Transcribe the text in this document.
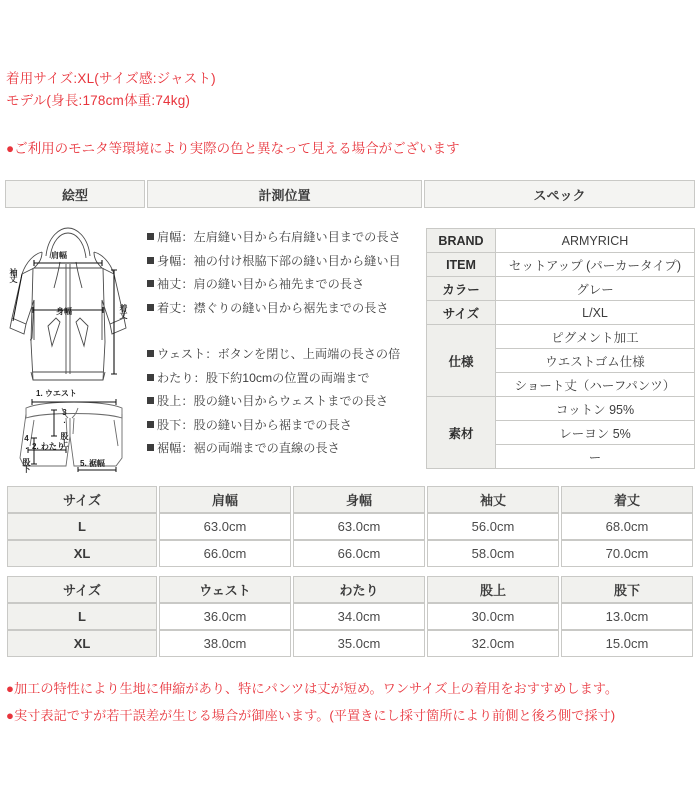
着用サイズ:XL(サイズ感:ジャスト)
モデル(身長:178cm体重:74kg)
●ご利用のモニタ等環境により実際の色と異なって見える場合がございます
絵型	計測位置	スペック
肩幅
身幅
袖丈
着丈
1. ウエスト
2. わたり
3. 股上
4. 股下	5. 裾幅
肩幅：左肩縫い目から右肩縫い目までの長さ
身幅：袖の付け根脇下部の縫い目から縫い目
袖丈：肩の縫い目から袖先までの長さ
着丈：襟ぐりの縫い目から裾先までの長さ
ウェスト：ボタンを閉じ、上両端の長さの倍
わたり：股下約10cmの位置の両端まで
股上：股の縫い目からウェストまでの長さ
股下：股の縫い目から裾までの長さ
裾幅：裾の両端までの直線の長さ
BRAND	ARMYRICH
ITEM	セットアップ (パーカータイプ)
カラー	グレー
サイズ	L/XL
仕様	ピグメント加工
	ウエストゴム仕様
	ショート丈（ハーフパンツ）
素材	コットン 95%
	レーヨン 5%
	ー
サイズ	肩幅	身幅	袖丈	着丈
L	63.0cm	63.0cm	56.0cm	68.0cm
XL	66.0cm	66.0cm	58.0cm	70.0cm
サイズ	ウェスト	わたり	股上	股下
L	36.0cm	34.0cm	30.0cm	13.0cm
XL	38.0cm	35.0cm	32.0cm	15.0cm
●加工の特性により生地に伸縮があり、特にパンツは丈が短め。ワンサイズ上の着用をおすすめします。
●実寸表記ですが若干誤差が生じる場合が御座います。(平置きにし採寸箇所により前側と後ろ側で採寸)
